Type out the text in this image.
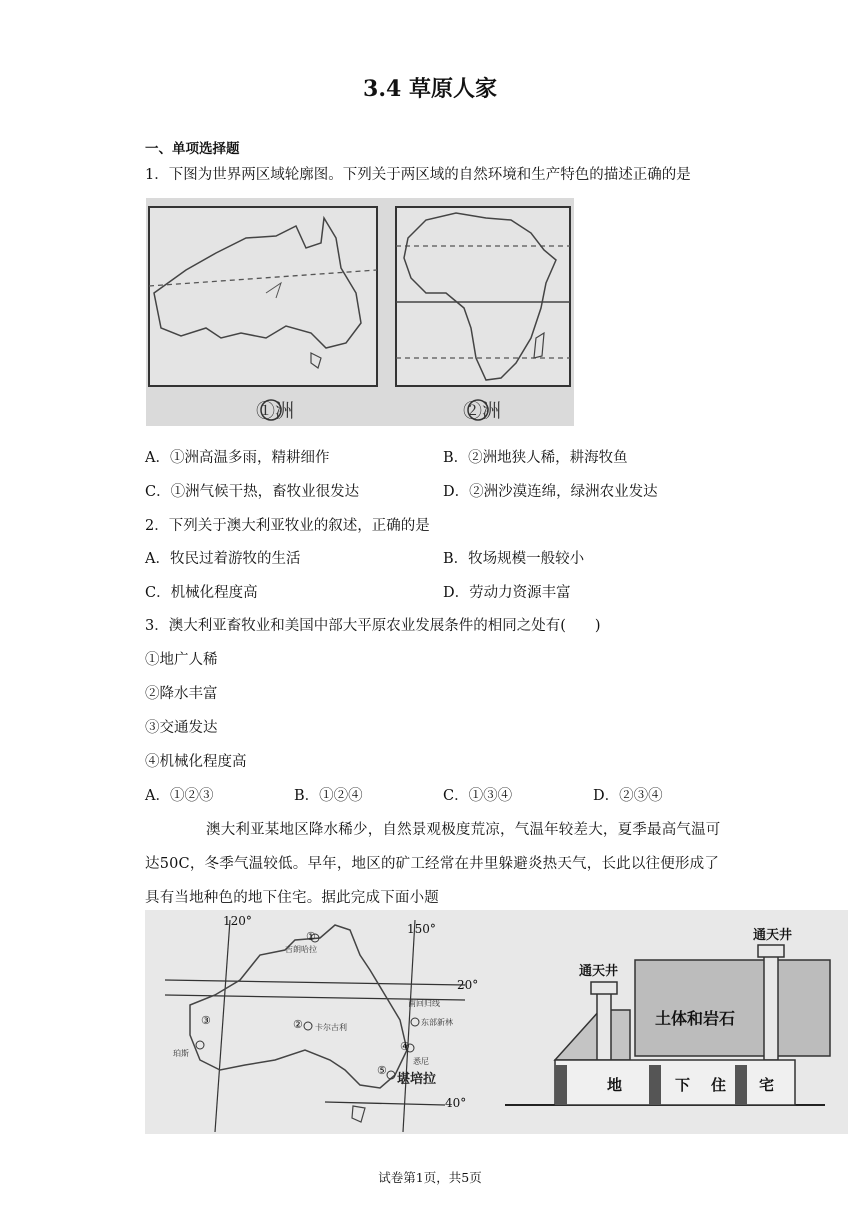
3.4 草原人家
一、单项选择题
1．下图为世界两区域轮廓图。下列关于两区域的自然环境和生产特色的描述正确的是
①洲	②洲
A．①洲高温多雨，精耕细作	B．②洲地狭人稀，耕海牧鱼
C．①洲气候干热，畜牧业很发达	D．②洲沙漠连绵，绿洲农业发达
2．下列关于澳大利亚牧业的叙述，正确的是
A．牧民过着游牧的生活	B．牧场规模一般较小
C．机械化程度高	D．劳动力资源丰富
3．澳大利亚畜牧业和美国中部大平原农业发展条件的相同之处有(　　)
①地广人稀
②降水丰富
③交通发达
④机械化程度高
A．①②③	B．①②④	C．①③④	D．②③④
澳大利亚某地区降水稀少，自然景观极度荒凉，气温年较差大，夏季最高气温可
达50C，冬季气温较低。早年，地区的矿工经常在井里躲避炎热天气，长此以往便形成了
具有当地种色的地下住宅。据此完成下面小题
120°
150°
20°
40°
吉朗哈拉
南回归线
东部新林
珀斯
悉尼
堪培拉
卡尔古利
①
②
③
④
⑤
通天井
通天井
土体和岩石
地	下 住 宅
试卷第1页，共5页
